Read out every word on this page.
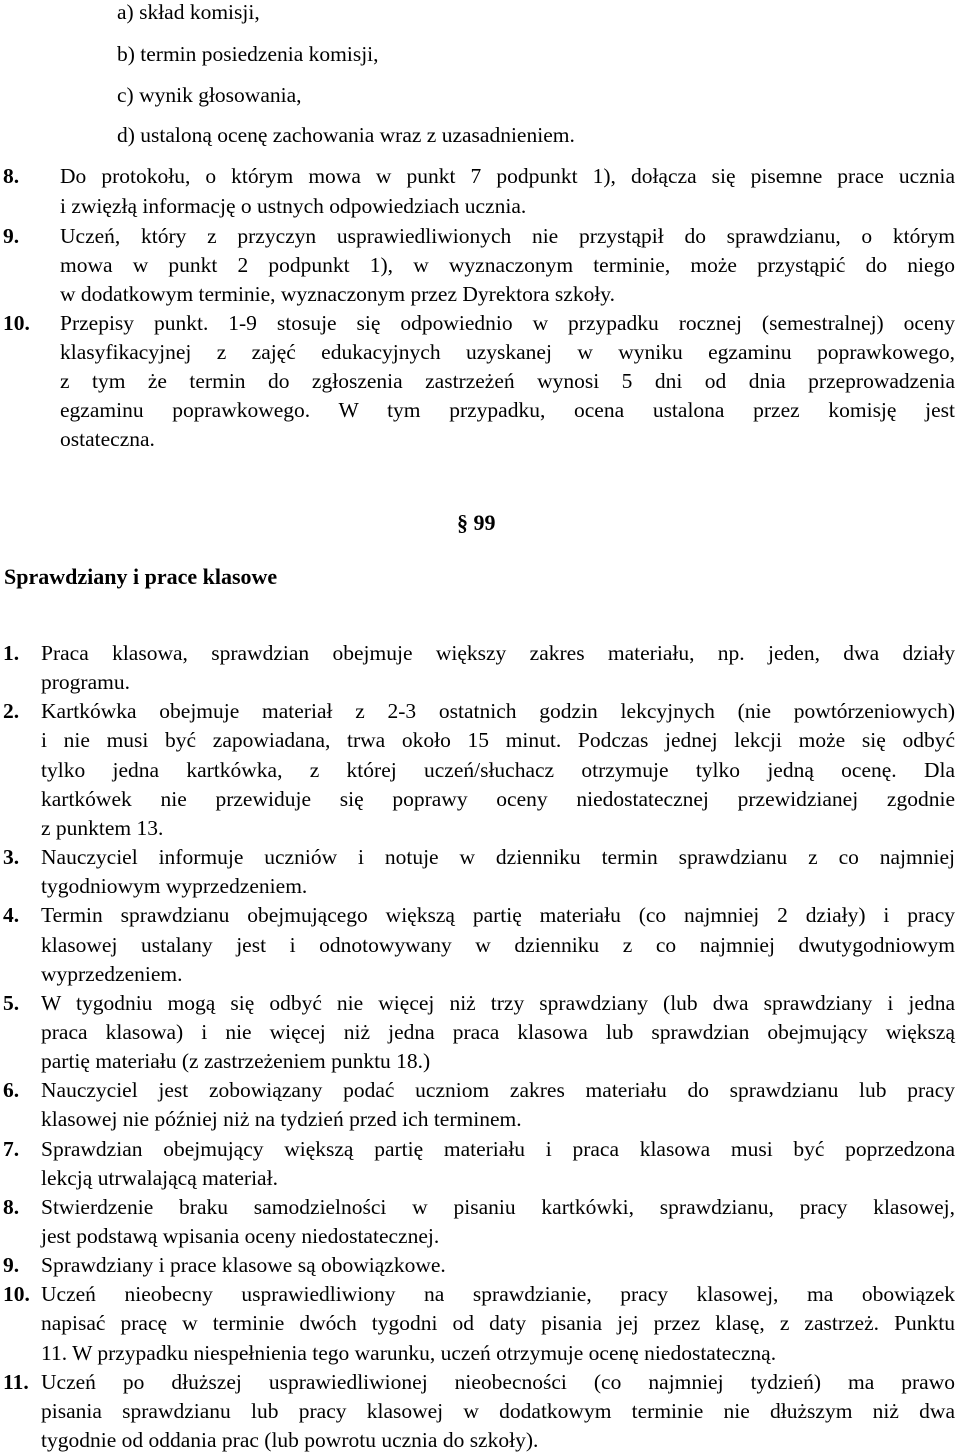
a) skład komisji,
b) termin posiedzenia komisji,
c) wynik głosowania,
d) ustaloną ocenę zachowania wraz z uzasadnieniem.
8. Do protokołu, o którym mowa w punkt 7 podpunkt 1), dołącza się pisemne prace ucznia
i zwięzłą informację o ustnych odpowiedziach ucznia.
9. Uczeń, który z przyczyn usprawiedliwionych nie przystąpił do sprawdzianu, o którym
mowa w punkt 2 podpunkt 1), w wyznaczonym terminie, może przystąpić do niego
w dodatkowym terminie, wyznaczonym przez Dyrektora szkoły.
10. Przepisy punkt. 1-9 stosuje się odpowiednio w przypadku rocznej (semestralnej) oceny
klasyfikacyjnej z zajęć edukacyjnych uzyskanej w wyniku egzaminu poprawkowego,
z tym że termin do zgłoszenia zastrzeżeń wynosi 5 dni od dnia przeprowadzenia
egzaminu poprawkowego. W tym przypadku, ocena ustalona przez komisję jest
ostateczna.
§ 99
Sprawdziany i prace klasowe
1. Praca klasowa, sprawdzian obejmuje większy zakres materiału, np. jeden, dwa działy
programu.
2. Kartkówka obejmuje materiał z 2-3 ostatnich godzin lekcyjnych (nie powtórzeniowych)
i nie musi być zapowiadana, trwa około 15 minut. Podczas jednej lekcji może się odbyć
tylko jedna kartkówka, z której uczeń/słuchacz otrzymuje tylko jedną ocenę. Dla
kartkówek nie przewiduje się poprawy oceny niedostatecznej przewidzianej zgodnie
z punktem 13.
3. Nauczyciel informuje uczniów i notuje w dzienniku termin sprawdzianu z co najmniej
tygodniowym wyprzedzeniem.
4. Termin sprawdzianu obejmującego większą partię materiału (co najmniej 2 działy) i pracy
klasowej ustalany jest i odnotowywany w dzienniku z co najmniej dwutygodniowym
wyprzedzeniem.
5. W tygodniu mogą się odbyć nie więcej niż trzy sprawdziany (lub dwa sprawdziany i jedna
praca klasowa) i nie więcej niż jedna praca klasowa lub sprawdzian obejmujący większą
partię materiału (z zastrzeżeniem punktu 18.)
6. Nauczyciel jest zobowiązany podać uczniom zakres materiału do sprawdzianu lub pracy
klasowej nie później niż na tydzień przed ich terminem.
7. Sprawdzian obejmujący większą partię materiału i praca klasowa musi być poprzedzona
lekcją utrwalającą materiał.
8. Stwierdzenie braku samodzielności w pisaniu kartkówki, sprawdzianu, pracy klasowej,
jest podstawą wpisania oceny niedostatecznej.
9. Sprawdziany i prace klasowe są obowiązkowe.
10. Uczeń nieobecny usprawiedliwiony na sprawdzianie, pracy klasowej, ma obowiązek
napisać pracę w terminie dwóch tygodni od daty pisania jej przez klasę, z zastrzeż. Punktu
11. W przypadku niespełnienia tego warunku, uczeń otrzymuje ocenę niedostateczną.
11. Uczeń po dłuższej usprawiedliwionej nieobecności (co najmniej tydzień) ma prawo
pisania sprawdzianu lub pracy klasowej w dodatkowym terminie nie dłuższym niż dwa
tygodnie od oddania prac (lub powrotu ucznia do szkoły).
